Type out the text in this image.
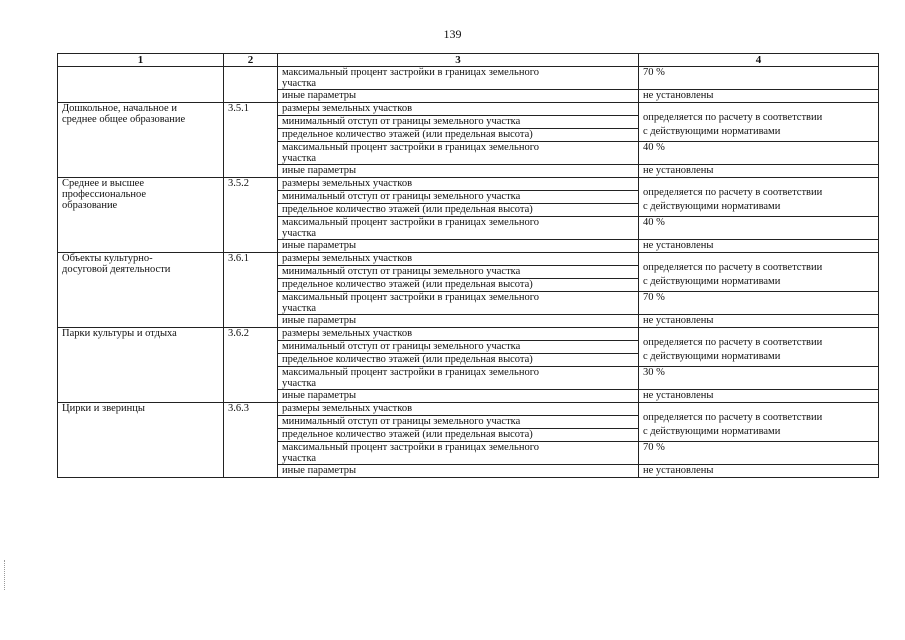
139
1	2	3	4
		максимальный процент застройки в границах земельного
участка	70 %
		иные параметры	не установлены
Дошкольное, начальное и
среднее общее образование	3.5.1	размеры земельных участков	определяется по расчету в соответствии
с действующими нормативами

		минимальный отступ от границы земельного участка	
		предельное количество этажей (или предельная высота)	
		максимальный процент застройки в границах земельного
участка	40 %
		иные параметры	не установлены
Среднее и высшее
профессиональное
образование	3.5.2	размеры земельных участков	определяется по расчету в соответствии
с действующими нормативами

		минимальный отступ от границы земельного участка	
		предельное количество этажей (или предельная высота)	
		максимальный процент застройки в границах земельного
участка	40 %
		иные параметры	не установлены
Объекты культурно-
досуговой деятельности	3.6.1	размеры земельных участков	определяется по расчету в соответствии
с действующими нормативами

		минимальный отступ от границы земельного участка	
		предельное количество этажей (или предельная высота)	
		максимальный процент застройки в границах земельного
участка	70 %
		иные параметры	не установлены
Парки культуры и отдыха	3.6.2	размеры земельных участков	определяется по расчету в соответствии
с действующими нормативами

		минимальный отступ от границы земельного участка	
		предельное количество этажей (или предельная высота)	
		максимальный процент застройки в границах земельного
участка	30 %
		иные параметры	не установлены
Цирки и зверинцы	3.6.3	размеры земельных участков	определяется по расчету в соответствии
с действующими нормативами

		минимальный отступ от границы земельного участка	
		предельное количество этажей (или предельная высота)	
		максимальный процент застройки в границах земельного
участка	70 %
		иные параметры	не установлены
